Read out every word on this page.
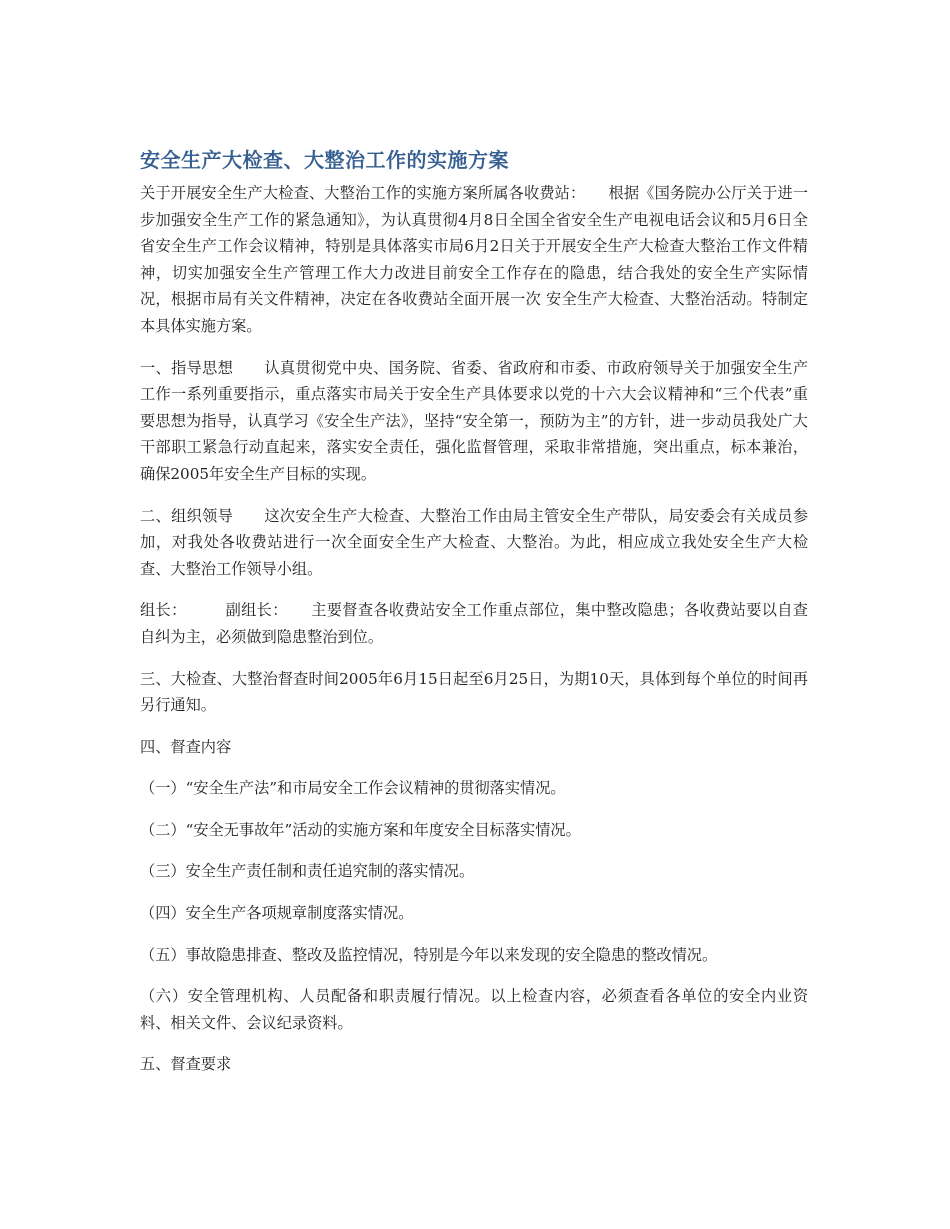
安全生产大检查、大整治工作的实施方案

关于开展安全生产大检查、大整治工作的实施方案所属各收费站：　　根据《国务院办公厅关于进一步加强安全生产工作的紧急通知》，为认真贯彻4月8日全国全省安全生产电视电话会议和5月6日全省安全生产工作会议精神，特别是具体落实市局6月2日关于开展安全生产大检查大整治工作文件精神，切实加强安全生产管理工作大力改进目前安全工作存在的隐患，结合我处的安全生产实际情况，根据市局有关文件精神，决定在各收费站全面开展一次 安全生产大检查、大整治活动。特制定本具体实施方案。

一、指导思想　　认真贯彻党中央、国务院、省委、省政府和市委、市政府领导关于加强安全生产工作一系列重要指示，重点落实市局关于安全生产具体要求以党的十六大会议精神和“三个代表”重要思想为指导，认真学习《安全生产法》，坚持“安全第一，预防为主”的方针，进一步动员我处广大干部职工紧急行动直起来，落实安全责任，强化监督管理，采取非常措施，突出重点，标本兼治，确保2005年安全生产目标的实现。

二、组织领导　　这次安全生产大检查、大整治工作由局主管安全生产带队，局安委会有关成员参加，对我处各收费站进行一次全面安全生产大检查、大整治。为此，相应成立我处安全生产大检查、大整治工作领导小组。

组长：　　　副组长：　　主要督查各收费站安全工作重点部位，集中整改隐患；各收费站要以自查自纠为主，必须做到隐患整治到位。

三、大检查、大整治督查时间2005年6月15日起至6月25日，为期10天，具体到每个单位的时间再另行通知。

四、督查内容

（一）“安全生产法”和市局安全工作会议精神的贯彻落实情况。

（二）“安全无事故年”活动的实施方案和年度安全目标落实情况。

（三）安全生产责任制和责任追究制的落实情况。

（四）安全生产各项规章制度落实情况。

（五）事故隐患排查、整改及监控情况，特别是今年以来发现的安全隐患的整改情况。

（六）安全管理机构、人员配备和职责履行情况。以上检查内容，必须查看各单位的安全内业资料、相关文件、会议纪录资料。

五、督查要求
